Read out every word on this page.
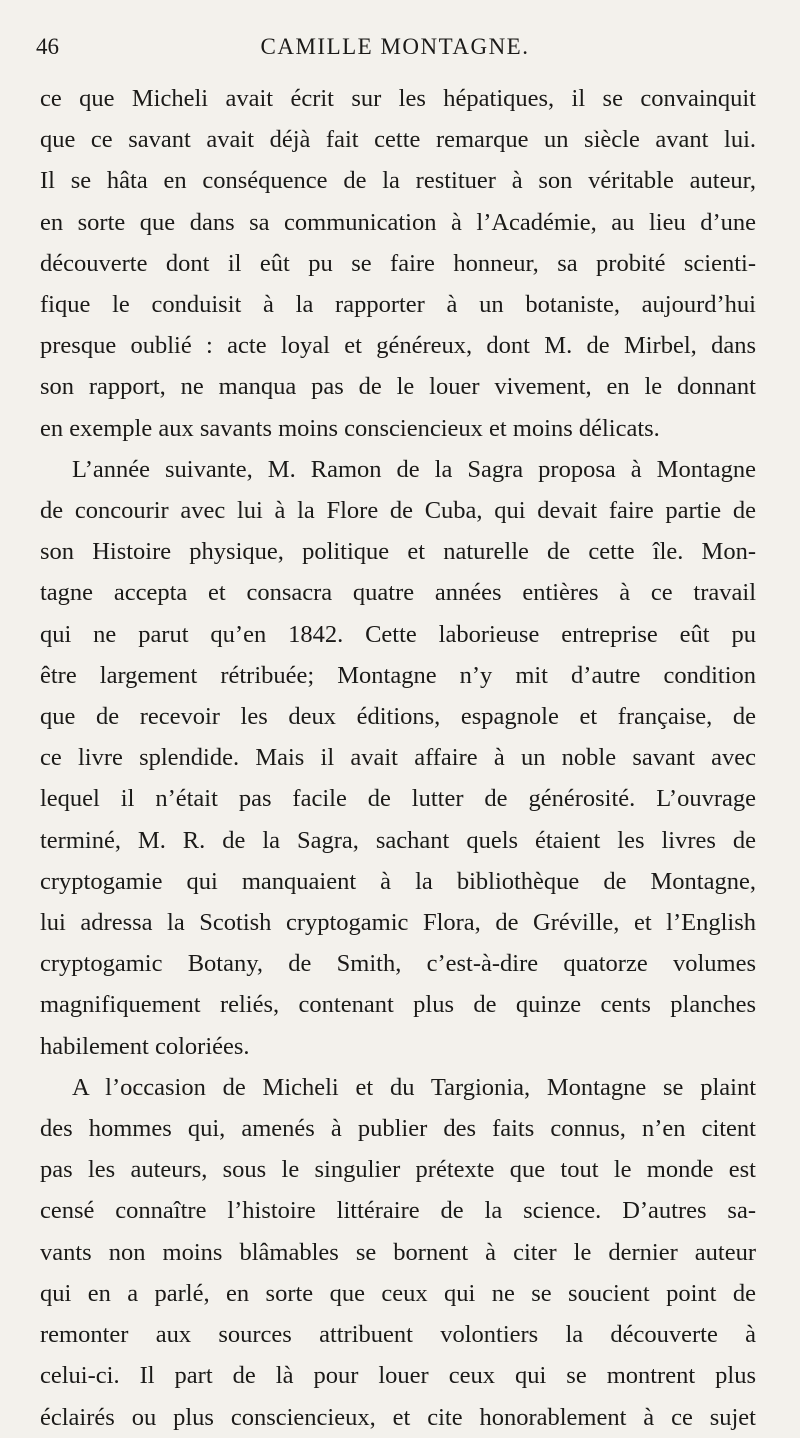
46	CAMILLE MONTAGNE.
ce que Micheli avait écrit sur les hépatiques, il se convainquit
que ce savant avait déjà fait cette remarque un siècle avant lui.
Il se hâta en conséquence de la restituer à son véritable auteur,
en sorte que dans sa communication à l’Académie, au lieu d’une
découverte dont il eût pu se faire honneur, sa probité scienti-
fique le conduisit à la rapporter à un botaniste, aujourd’hui
presque oublié : acte loyal et généreux, dont M. de Mirbel, dans
son rapport, ne manqua pas de le louer vivement, en le donnant
en exemple aux savants moins consciencieux et moins délicats.
L’année suivante, M. Ramon de la Sagra proposa à Montagne
de concourir avec lui à la Flore de Cuba, qui devait faire partie de
son Histoire physique, politique et naturelle de cette île. Mon-
tagne accepta et consacra quatre années entières à ce travail
qui ne parut qu’en 1842. Cette laborieuse entreprise eût pu
être largement rétribuée; Montagne n’y mit d’autre condition
que de recevoir les deux éditions, espagnole et française, de
ce livre splendide. Mais il avait affaire à un noble savant avec
lequel il n’était pas facile de lutter de générosité. L’ouvrage
terminé, M. R. de la Sagra, sachant quels étaient les livres de
cryptogamie qui manquaient à la bibliothèque de Montagne,
lui adressa la Scotish cryptogamic Flora, de Gréville, et l’English
cryptogamic Botany, de Smith, c’est-à-dire quatorze volumes
magnifiquement reliés, contenant plus de quinze cents planches
habilement coloriées.
A l’occasion de Micheli et du Targionia, Montagne se plaint
des hommes qui, amenés à publier des faits connus, n’en citent
pas les auteurs, sous le singulier prétexte que tout le monde est
censé connaître l’histoire littéraire de la science. D’autres sa-
vants non moins blâmables se bornent à citer le dernier auteur
qui en a parlé, en sorte que ceux qui ne se soucient point de
remonter aux sources attribuent volontiers la découverte à
celui-ci. Il part de là pour louer ceux qui se montrent plus
éclairés ou plus consciencieux, et cite honorablement à ce sujet
